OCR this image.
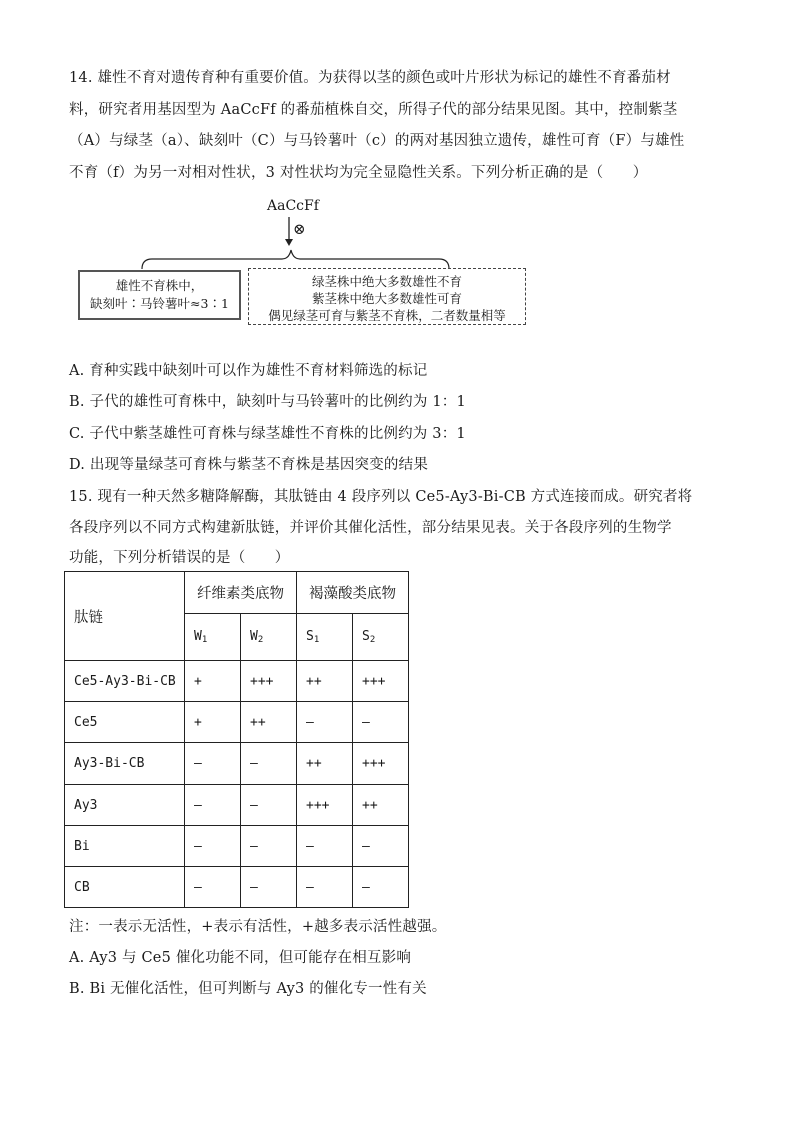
14. 雄性不育对遗传育种有重要价值。为获得以茎的颜色或叶片形状为标记的雄性不育番茄材
料，研究者用基因型为 AaCcFf 的番茄植株自交，所得子代的部分结果见图。其中，控制紫茎
（A）与绿茎（a）、缺刻叶（C）与马铃薯叶（c）的两对基因独立遗传，雄性可育（F）与雄性
不育（f）为另一对相对性状，3 对性状均为完全显隐性关系。下列分析正确的是（　　）
AaCcFf
⊗
雄性不育株中，
缺刻叶∶马铃薯叶≈3∶1
绿茎株中绝大多数雄性不育
紫茎株中绝大多数雄性可育
偶见绿茎可育与紫茎不育株，二者数量相等
A. 育种实践中缺刻叶可以作为雄性不育材料筛选的标记
B. 子代的雄性可育株中，缺刻叶与马铃薯叶的比例约为 1：1
C. 子代中紫茎雄性可育株与绿茎雄性不育株的比例约为 3：1
D. 出现等量绿茎可育株与紫茎不育株是基因突变的结果
15. 现有一种天然多糖降解酶，其肽链由 4 段序列以 Ce5-Ay3-Bi-CB 方式连接而成。研究者将
各段序列以不同方式构建新肽链，并评价其催化活性，部分结果见表。关于各段序列的生物学
功能，下列分析错误的是（　　）
肽链	纤维素类底物		褐藻酸类底物	
	$W_1$	$W_2$	$S_1$	$S_2$
Ce5-Ay3-Bi-CB	+	+++	++	+++
Ce5	+	++	—	—
Ay3-Bi-CB	—	—	++	+++
Ay3	—	—	+++	++
Bi	—	—	—	—
CB	—	—	—	—
注：一表示无活性，+表示有活性，+越多表示活性越强。
A. Ay3 与 Ce5 催化功能不同，但可能存在相互影响
B. Bi 无催化活性，但可判断与 Ay3 的催化专一性有关
